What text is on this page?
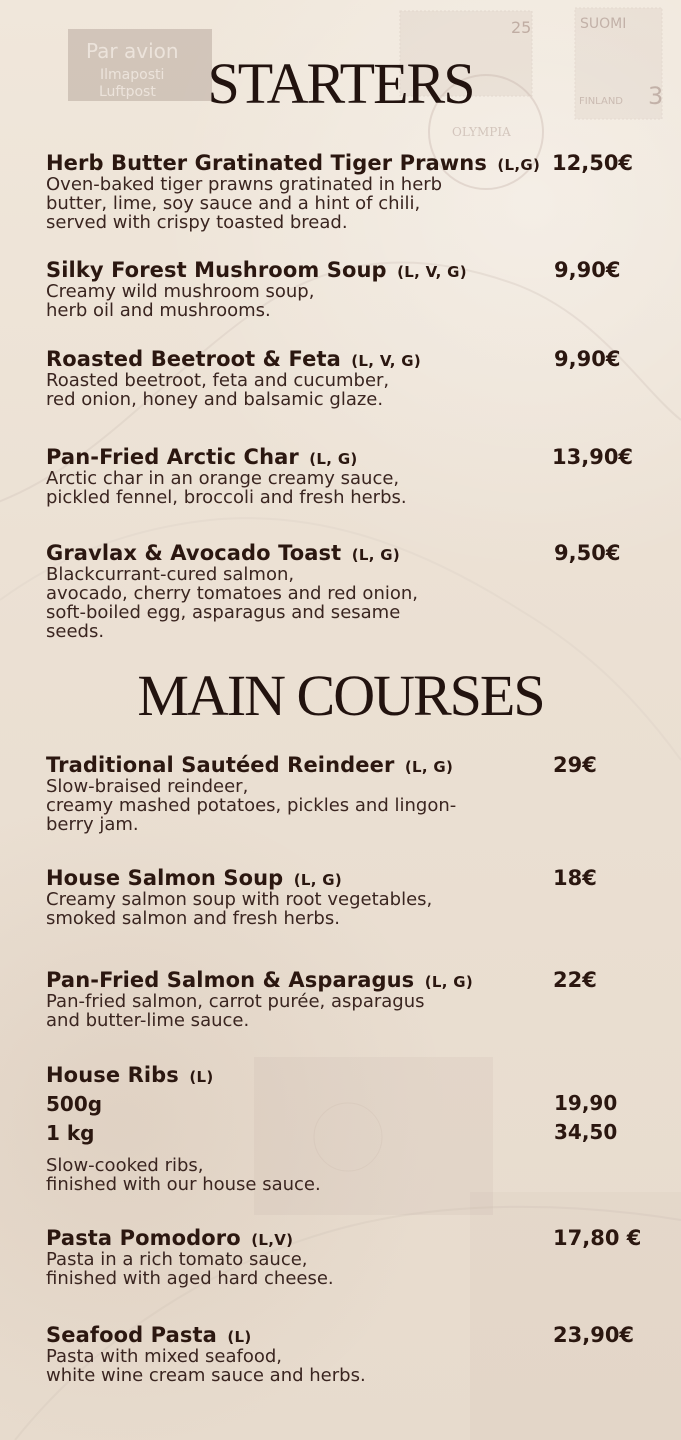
Par avion
Ilmaposti
Luftpost
25	SUOMI
3
FINLAND
OLYMPIA
STARTERS
Herb Butter Gratinated Tiger Prawns (L,G) 12,50€
Oven-baked tiger prawns gratinated in herb
butter, lime, soy sauce and a hint of chili,
served with crispy toasted bread.
Silky Forest Mushroom Soup (L, V, G)	9,90€
Creamy wild mushroom soup,
herb oil and mushrooms.
Roasted Beetroot & Feta (L, V, G)	9,90€
Roasted beetroot, feta and cucumber,
red onion, honey and balsamic glaze.
Pan-Fried Arctic Char (L, G)	13,90€
Arctic char in an orange creamy sauce,
pickled fennel, broccoli and fresh herbs.
Gravlax & Avocado Toast (L, G)	9,50€
Blackcurrant-cured salmon,
avocado, cherry tomatoes and red onion,
soft-boiled egg, asparagus and sesame
seeds.
MAIN COURSES
Traditional Sautéed Reindeer (L, G)	29€
Slow-braised reindeer,
creamy mashed potatoes, pickles and lingon-
berry jam.
House Salmon Soup (L, G)	18€
Creamy salmon soup with root vegetables,
smoked salmon and fresh herbs.
Pan-Fried Salmon & Asparagus (L, G)	22€
Pan-fried salmon, carrot purée, asparagus
and butter-lime sauce.
House Ribs (L)
500g	19,90
1 kg	34,50
Slow-cooked ribs,
finished with our house sauce.
Pasta Pomodoro (L,V)	17,80 €
Pasta in a rich tomato sauce,
finished with aged hard cheese.
Seafood Pasta (L)	23,90€
Pasta with mixed seafood,
white wine cream sauce and herbs.
